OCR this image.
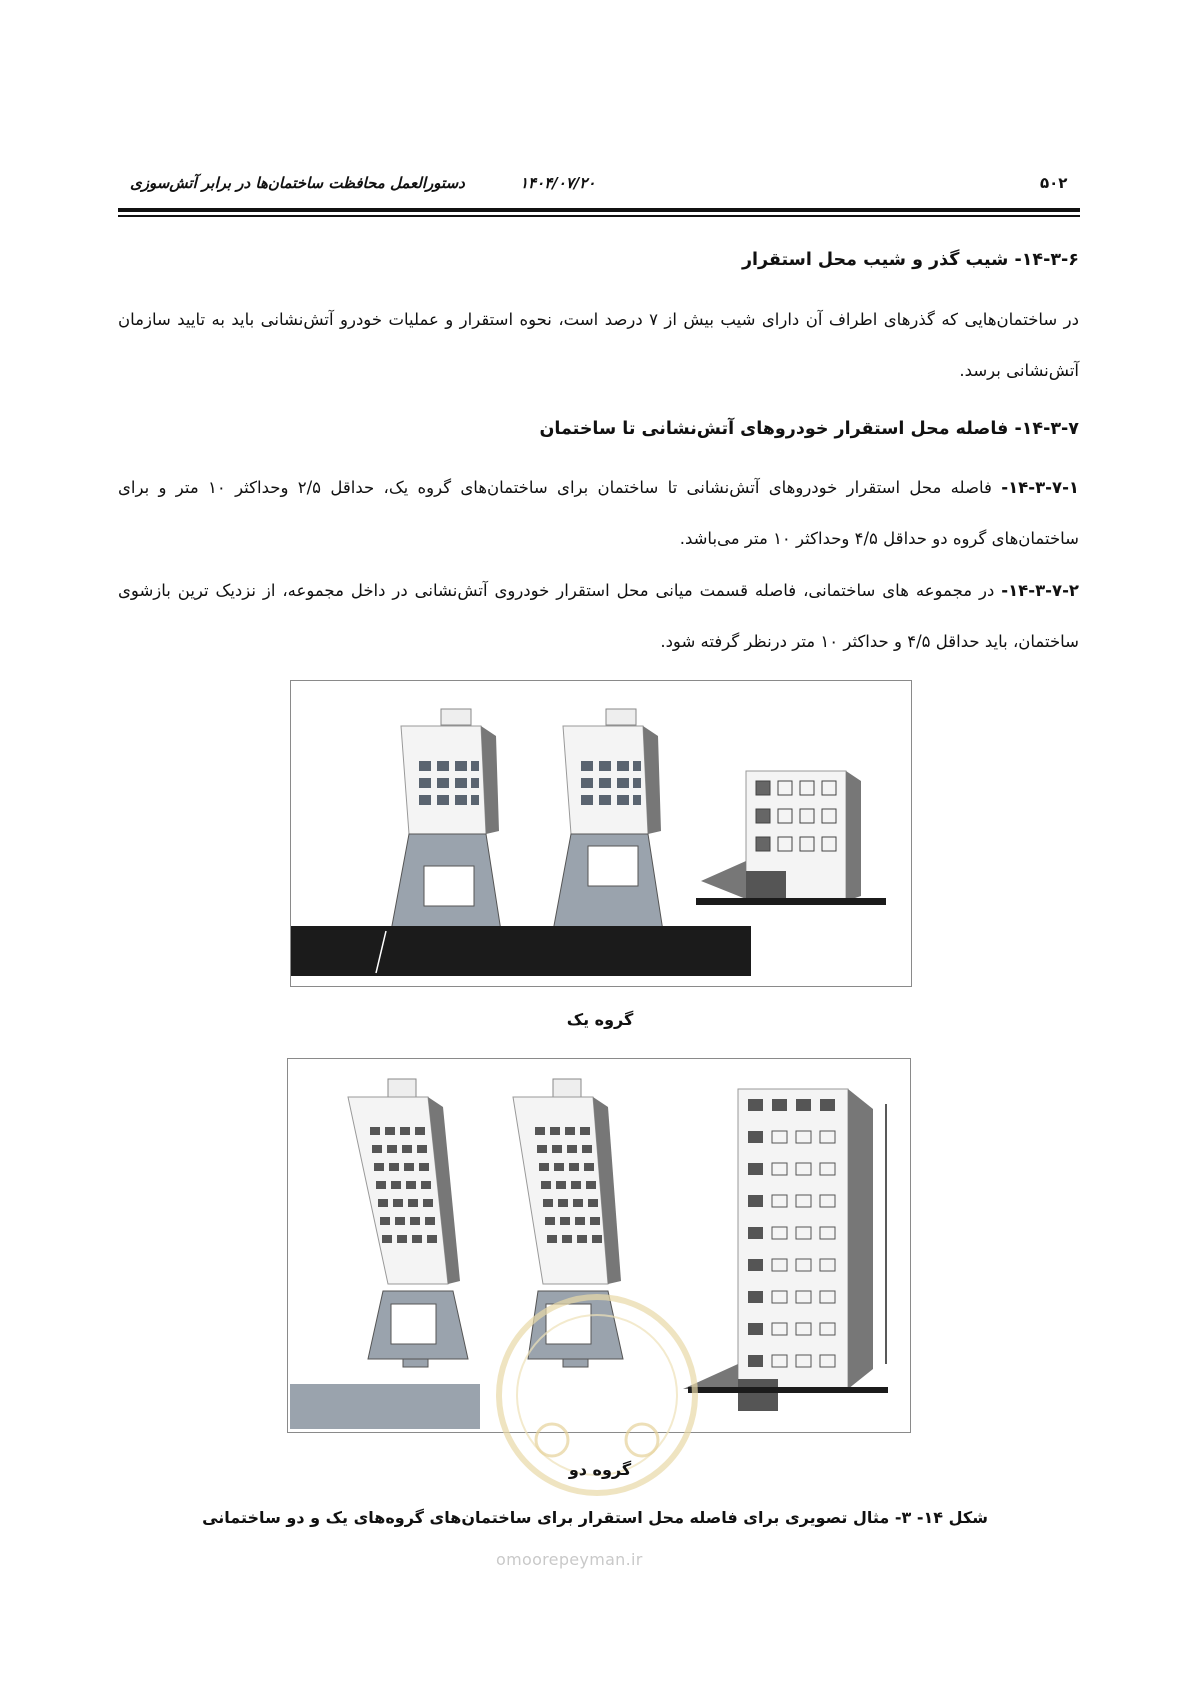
دستورالعمل محافظت ساختمان‌ها در برابر آتش‌سوزی	۱۴۰۴/۰۷/۲۰	۵۰۲
۱۴-۳-۶- شیب گذر و شیب محل استقرار
در ساختمان‌هایی که گذرهای اطراف آن دارای شیب بیش از ۷ درصد است، نحوه استقرار و عملیات خودرو آتش‌نشانی باید به تایید سازمان آتش‌نشانی برسد.
۱۴-۳-۷- فاصله محل استقرار خودروهای آتش‌نشانی تا ساختمان
۱۴-۳-۷-۱- فاصله محل استقرار خودروهای آتش‌نشانی تا ساختمان برای ساختمان‌های گروه یک، حداقل ۲/۵ وحداکثر ۱۰ متر و برای ساختمان‌های گروه دو حداقل ۴/۵ وحداکثر ۱۰ متر می‌باشد.
۱۴-۳-۷-۲- در مجموعه های ساختمانی، فاصله قسمت میانی محل استقرار خودروی آتش‌نشانی در داخل مجموعه، از نزدیک ترین بازشوی ساختمان، باید حداقل ۴/۵ و حداکثر ۱۰ متر درنظر گرفته شود.
گروه یک
گروه دو
شکل ۱۴- ۳- مثال تصویری برای فاصله محل استقرار برای ساختمان‌های گروه‌های یک و دو ساختمانی
omoorepeyman.ir
